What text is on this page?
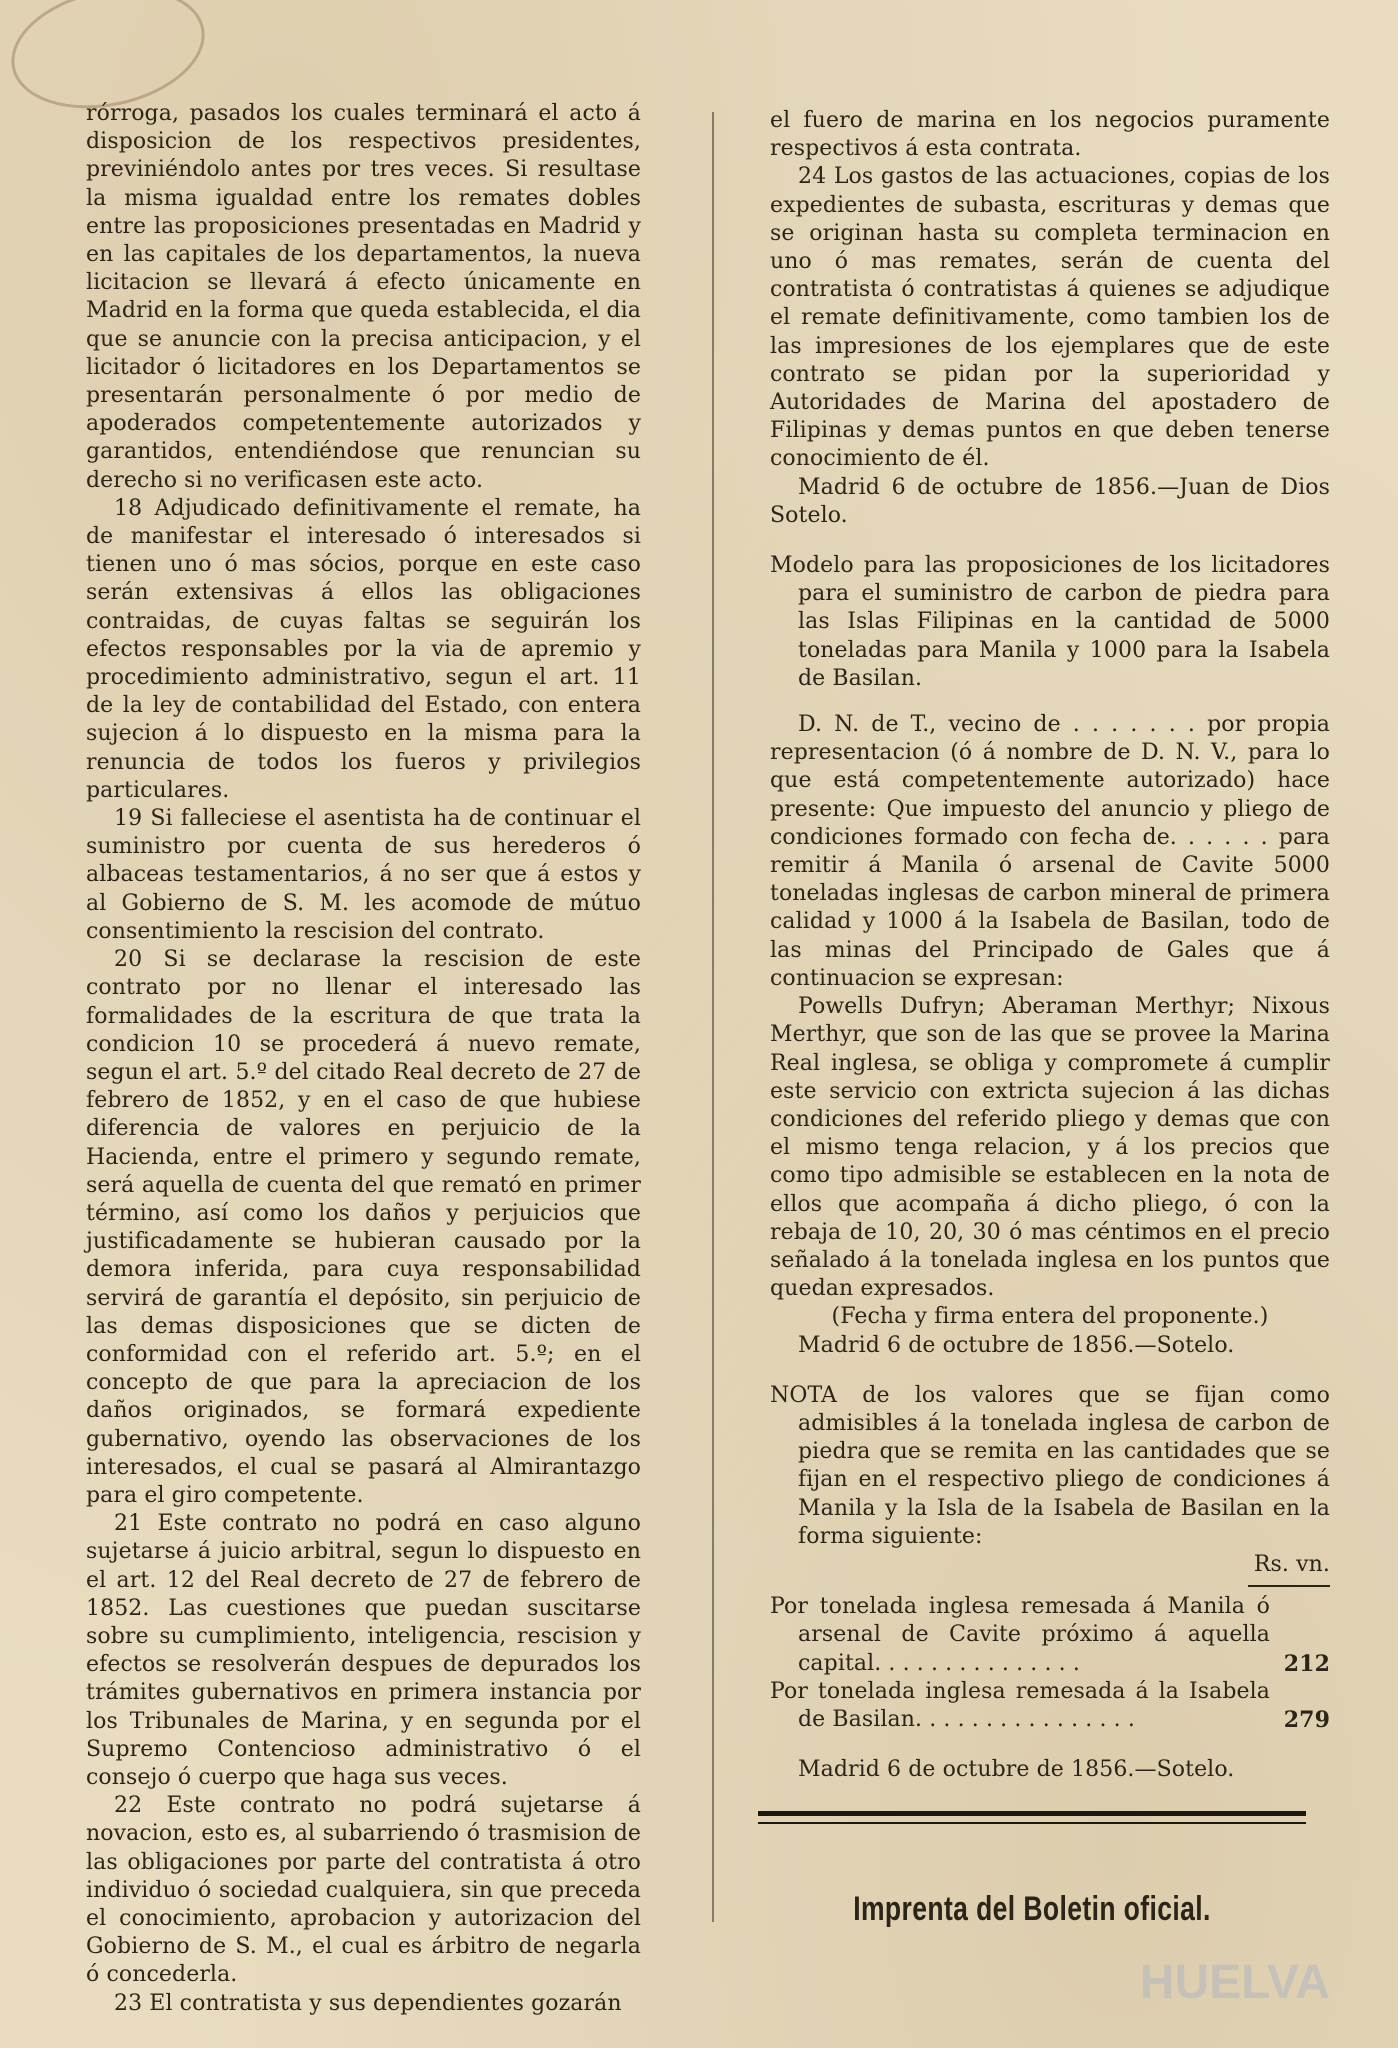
rórroga, pasados los cuales terminará el acto á disposicion de los respectivos presidentes, previniéndolo antes por tres veces. Si resultase la misma igualdad entre los remates dobles entre las proposiciones presentadas en Madrid y en las capitales de los departamentos, la nueva licitacion se llevará á efecto únicamente en Madrid en la forma que queda establecida, el dia que se anuncie con la precisa anticipacion, y el licitador ó licitadores en los Departamentos se presentarán personalmente ó por medio de apoderados competentemente autorizados y garantidos, entendiéndose que renuncian su derecho si no verificasen este acto.

18 Adjudicado definitivamente el remate, ha de manifestar el interesado ó interesados si tienen uno ó mas sócios, porque en este caso serán extensivas á ellos las obligaciones contraidas, de cuyas faltas se seguirán los efectos responsables por la via de apremio y procedimiento administrativo, segun el art. 11 de la ley de contabilidad del Estado, con entera sujecion á lo dispuesto en la misma para la renuncia de todos los fueros y privilegios particulares.

19 Si falleciese el asentista ha de continuar el suministro por cuenta de sus herederos ó albaceas testamentarios, á no ser que á estos y al Gobierno de S. M. les acomode de mútuo consentimiento la rescision del contrato.

20 Si se declarase la rescision de este contrato por no llenar el interesado las formalidades de la escritura de que trata la condicion 10 se procederá á nuevo remate, segun el art. 5.º del citado Real decreto de 27 de febrero de 1852, y en el caso de que hubiese diferencia de valores en perjuicio de la Hacienda, entre el primero y segundo remate, será aquella de cuenta del que remató en primer término, así como los daños y perjuicios que justificadamente se hubieran causado por la demora inferida, para cuya responsabilidad servirá de garantía el depósito, sin perjuicio de las demas disposiciones que se dicten de conformidad con el referido art. 5.º; en el concepto de que para la apreciacion de los daños originados, se formará expediente gubernativo, oyendo las observaciones de los interesados, el cual se pasará al Almirantazgo para el giro competente.

21 Este contrato no podrá en caso alguno sujetarse á juicio arbitral, segun lo dispuesto en el art. 12 del Real decreto de 27 de febrero de 1852. Las cuestiones que puedan suscitarse sobre su cumplimiento, inteligencia, rescision y efectos se resolverán despues de depurados los trámites gubernativos en primera instancia por los Tribunales de Marina, y en segunda por el Supremo Contencioso administrativo ó el consejo ó cuerpo que haga sus veces.

22 Este contrato no podrá sujetarse á novacion, esto es, al subarriendo ó trasmision de las obligaciones por parte del contratista á otro individuo ó sociedad cualquiera, sin que preceda el conocimiento, aprobacion y autorizacion del Gobierno de S. M., el cual es árbitro de negarla ó concederla.

23 El contratista y sus dependientes gozarán

el fuero de marina en los negocios puramente respectivos á esta contrata.

24 Los gastos de las actuaciones, copias de los expedientes de subasta, escrituras y demas que se originan hasta su completa terminacion en uno ó mas remates, serán de cuenta del contratista ó contratistas á quienes se adjudique el remate definitivamente, como tambien los de las impresiones de los ejemplares que de este contrato se pidan por la superioridad y Autoridades de Marina del apostadero de Filipinas y demas puntos en que deben tenerse conocimiento de él.

Madrid 6 de octubre de 1856.—Juan de Dios Sotelo.

Modelo para las proposiciones de los licitadores para el suministro de carbon de piedra para las Islas Filipinas en la cantidad de 5000 toneladas para Manila y 1000 para la Isabela de Basilan.

D. N. de T., vecino de . . . . . . . por propia representacion (ó á nombre de D. N. V., para lo que está competentemente autorizado) hace presente: Que impuesto del anuncio y pliego de condiciones formado con fecha de. . . . . . para remitir á Manila ó arsenal de Cavite 5000 toneladas inglesas de carbon mineral de primera calidad y 1000 á la Isabela de Basilan, todo de las minas del Principado de Gales que á continuacion se expresan:

Powells Dufryn; Aberaman Merthyr; Nixous Merthyr, que son de las que se provee la Marina Real inglesa, se obliga y compromete á cumplir este servicio con extricta sujecion á las dichas condiciones del referido pliego y demas que con el mismo tenga relacion, y á los precios que como tipo admisible se establecen en la nota de ellos que acompaña á dicho pliego, ó con la rebaja de 10, 20, 30 ó mas céntimos en el precio señalado á la tonelada inglesa en los puntos que quedan expresados.

(Fecha y firma entera del proponente.)

Madrid 6 de octubre de 1856.—Sotelo.

NOTA de los valores que se fijan como admisibles á la tonelada inglesa de carbon de piedra que se remita en las cantidades que se fijan en el respectivo pliego de condiciones á Manila y la Isla de la Isabela de Basilan en la forma siguiente:

Rs. vn.

Por tonelada inglesa remesada á Manila ó arsenal de Cavite próximo á aquella capital. . . . . . . . . . . . . . .	212
Por tonelada inglesa remesada á la Isabela de Basilan. . . . . . . . . . . . . . . .	279

Madrid 6 de octubre de 1856.—Sotelo.

Imprenta del Boletin oficial.
HUELVA
